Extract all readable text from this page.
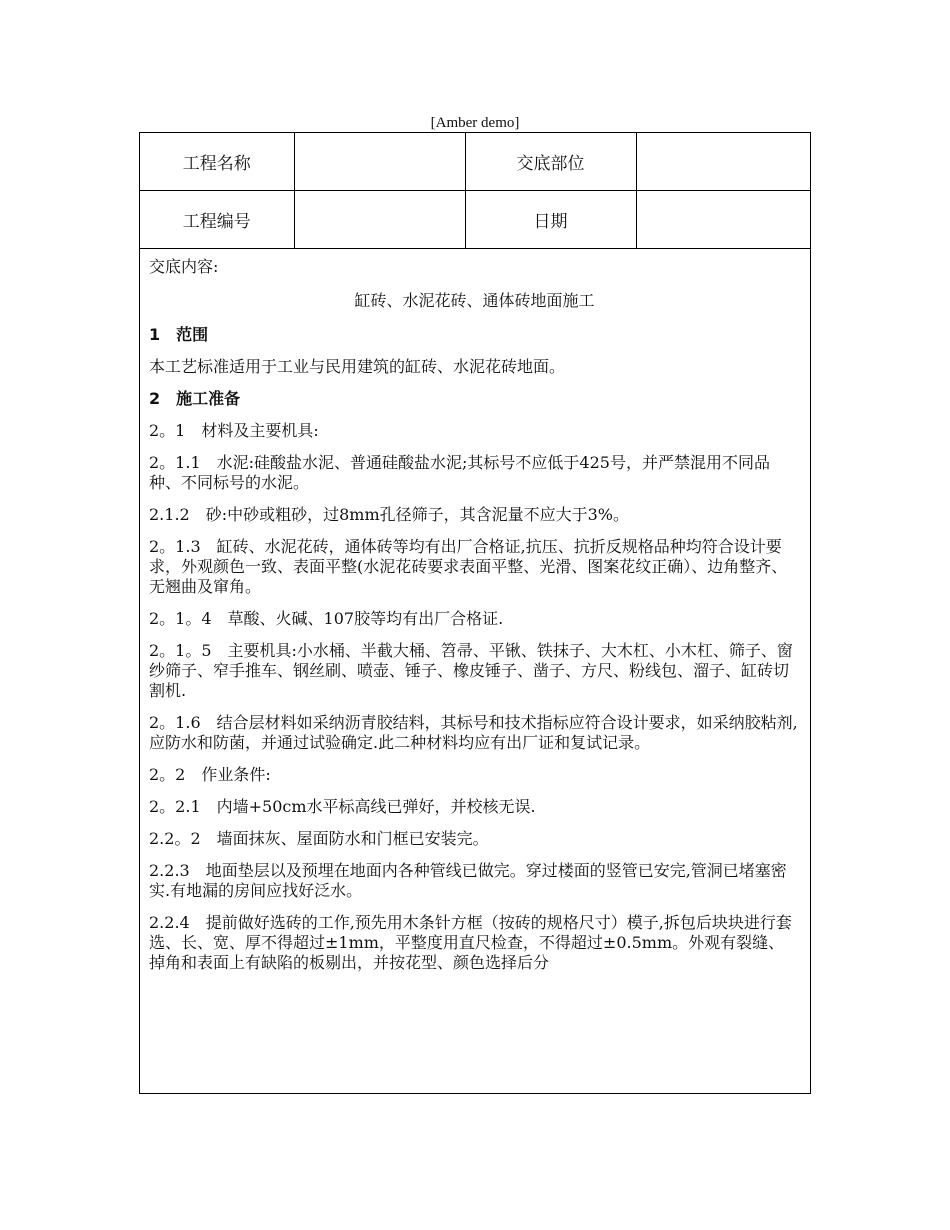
[Amber demo]
工程名称		交底部位	
工程编号		日期	

交底内容:

缸砖、水泥花砖、通体砖地面施工

1　范围

本工艺标准适用于工业与民用建筑的缸砖、水泥花砖地面。

2　施工准备

2。1　材料及主要机具:

2。1.1　水泥:硅酸盐水泥、普通硅酸盐水泥;其标号不应低于425号，并严禁混用不同品种、不同标号的水泥。

2.1.2　砂:中砂或粗砂，过8mm孔径筛子，其含泥量不应大于3%。

2。1.3　缸砖、水泥花砖，通体砖等均有出厂合格证,抗压、抗折反规格品种均符合设计要求，外观颜色一致、表面平整(水泥花砖要求表面平整、光滑、图案花纹正确）、边角整齐、无翘曲及窜角。

2。1。4　草酸、火碱、107胶等均有出厂合格证.

2。1。5　主要机具:小水桶、半截大桶、笤帚、平锹、铁抹子、大木杠、小木杠、筛子、窗纱筛子、窄手推车、钢丝刷、喷壶、锤子、橡皮锤子、凿子、方尺、粉线包、溜子、缸砖切割机.

2。1.6　结合层材料如采纳沥青胶结料，其标号和技术指标应符合设计要求，如采纳胶粘剂,应防水和防菌，并通过试验确定.此二种材料均应有出厂证和复试记录。

2。2　作业条件:

2。2.1　内墙+50cm水平标高线已弹好，并校核无误.

2.2。2　墙面抹灰、屋面防水和门框已安装完。

2.2.3　地面垫层以及预埋在地面内各种管线已做完。穿过楼面的竖管已安完,管洞已堵塞密实.有地漏的房间应找好泛水。

2.2.4　提前做好选砖的工作,预先用木条针方框（按砖的规格尺寸）模子,拆包后块块进行套选、长、宽、厚不得超过±1mm，平整度用直尺检查，不得超过±0.5mm。外观有裂缝、掉角和表面上有缺陷的板剔出，并按花型、颜色选择后分
